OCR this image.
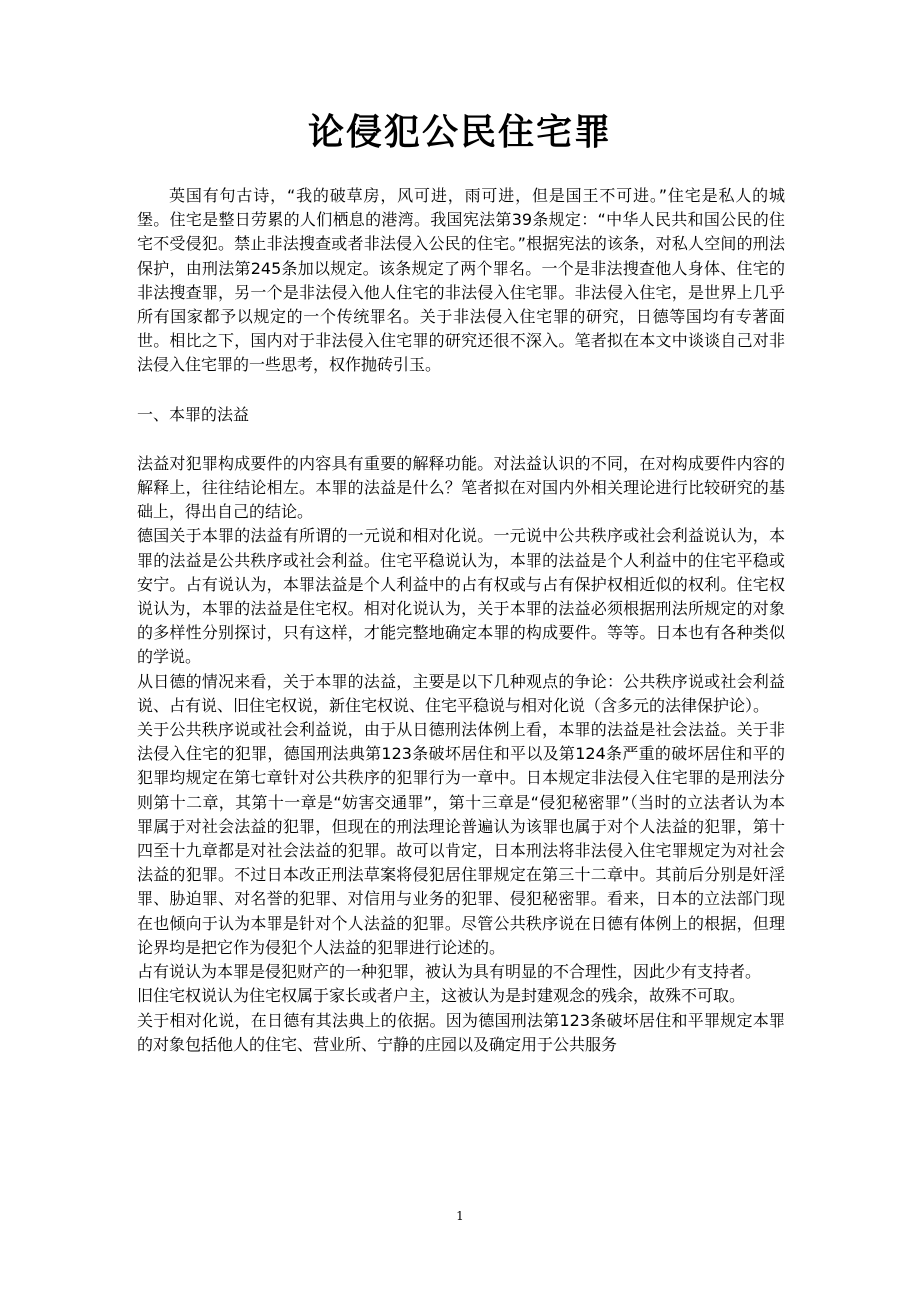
论侵犯公民住宅罪

英国有句古诗，“我的破草房，风可进，雨可进，但是国王不可进。”住宅是私人的城堡。住宅是整日劳累的人们栖息的港湾。我国宪法第39条规定：“中华人民共和国公民的住宅不受侵犯。禁止非法搜查或者非法侵入公民的住宅。”根据宪法的该条，对私人空间的刑法保护，由刑法第245条加以规定。该条规定了两个罪名。一个是非法搜查他人身体、住宅的非法搜查罪，另一个是非法侵入他人住宅的非法侵入住宅罪。非法侵入住宅，是世界上几乎所有国家都予以规定的一个传统罪名。关于非法侵入住宅罪的研究，日德等国均有专著面世。相比之下，国内对于非法侵入住宅罪的研究还很不深入。笔者拟在本文中谈谈自己对非法侵入住宅罪的一些思考，权作抛砖引玉。

一、本罪的法益

法益对犯罪构成要件的内容具有重要的解释功能。对法益认识的不同，在对构成要件内容的解释上，往往结论相左。本罪的法益是什么？笔者拟在对国内外相关理论进行比较研究的基础上，得出自己的结论。

德国关于本罪的法益有所谓的一元说和相对化说。一元说中公共秩序或社会利益说认为，本罪的法益是公共秩序或社会利益。住宅平稳说认为，本罪的法益是个人利益中的住宅平稳或安宁。占有说认为，本罪法益是个人利益中的占有权或与占有保护权相近似的权利。住宅权说认为，本罪的法益是住宅权。相对化说认为，关于本罪的法益必须根据刑法所规定的对象的多样性分别探讨，只有这样，才能完整地确定本罪的构成要件。等等。日本也有各种类似的学说。

从日德的情况来看，关于本罪的法益，主要是以下几种观点的争论：公共秩序说或社会利益说、占有说、旧住宅权说，新住宅权说、住宅平稳说与相对化说（含多元的法律保护论）。

关于公共秩序说或社会利益说，由于从日德刑法体例上看，本罪的法益是社会法益。关于非法侵入住宅的犯罪，德国刑法典第123条破坏居住和平以及第124条严重的破坏居住和平的犯罪均规定在第七章针对公共秩序的犯罪行为一章中。日本规定非法侵入住宅罪的是刑法分则第十二章，其第十一章是“妨害交通罪”，第十三章是“侵犯秘密罪”（当时的立法者认为本罪属于对社会法益的犯罪，但现在的刑法理论普遍认为该罪也属于对个人法益的犯罪，第十四至十九章都是对社会法益的犯罪。故可以肯定，日本刑法将非法侵入住宅罪规定为对社会法益的犯罪。不过日本改正刑法草案将侵犯居住罪规定在第三十二章中。其前后分别是奸淫罪、胁迫罪、对名誉的犯罪、对信用与业务的犯罪、侵犯秘密罪。看来，日本的立法部门现在也倾向于认为本罪是针对个人法益的犯罪。尽管公共秩序说在日德有体例上的根据，但理论界均是把它作为侵犯个人法益的犯罪进行论述的。

占有说认为本罪是侵犯财产的一种犯罪，被认为具有明显的不合理性，因此少有支持者。

旧住宅权说认为住宅权属于家长或者户主，这被认为是封建观念的残余，故殊不可取。

关于相对化说，在日德有其法典上的依据。因为德国刑法第123条破坏居住和平罪规定本罪的对象包括他人的住宅、营业所、宁静的庄园以及确定用于公共服务

1
